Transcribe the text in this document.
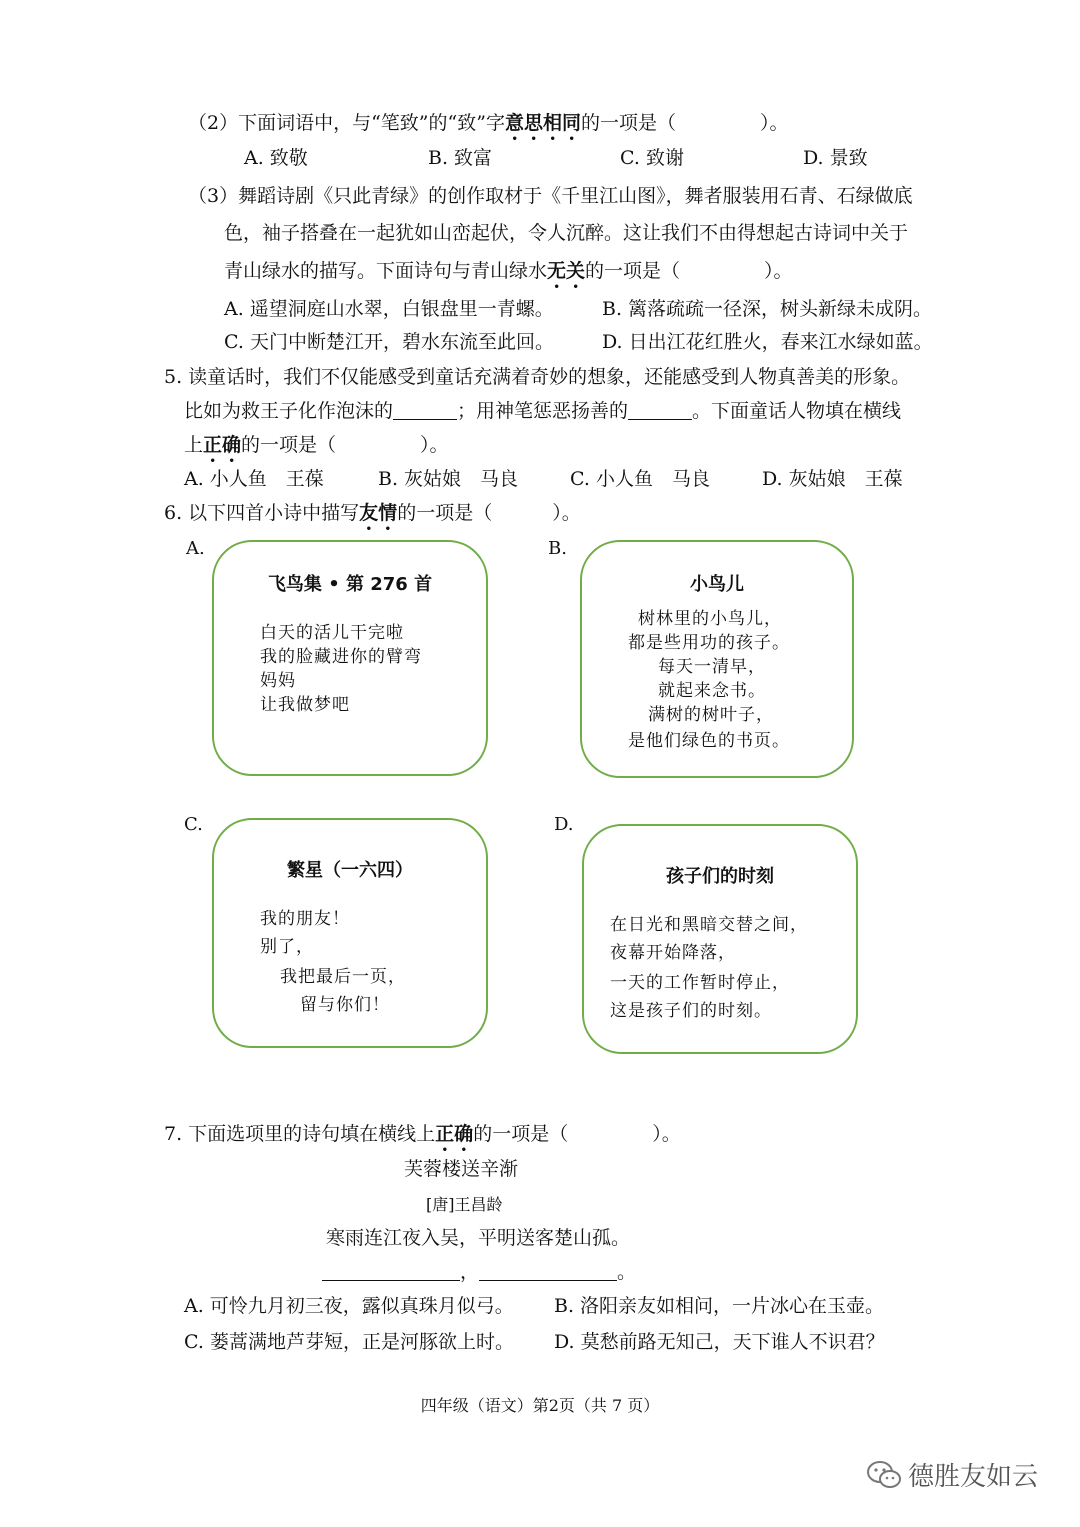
（2）下面词语中，与“笔致”的“致”字意思相同的一项是（	）。
A. 致敬	B. 致富	C. 致谢	D. 景致
（3）舞蹈诗剧《只此青绿》的创作取材于《千里江山图》，舞者服装用石青、石绿做底
色，袖子搭叠在一起犹如山峦起伏，令人沉醉。这让我们不由得想起古诗词中关于
青山绿水的描写。下面诗句与青山绿水无关的一项是（	）。
A. 遥望洞庭山水翠，白银盘里一青螺。	B. 篱落疏疏一径深，树头新绿未成阴。
C. 天门中断楚江开，碧水东流至此回。	D. 日出江花红胜火，春来江水绿如蓝。
5. 读童话时，我们不仅能感受到童话充满着奇妙的想象，还能感受到人物真善美的形象。
比如为救王子化作泡沫的	；用神笔惩恶扬善的	。下面童话人物填在横线
上正确的一项是（	）。
A. 小人鱼　王葆	B. 灰姑娘　马良	C. 小人鱼　马良	D. 灰姑娘　王葆
6. 以下四首小诗中描写友情的一项是（	）。
A.
飞鸟集 • 第 276 首
白天的活儿干完啦
我的脸藏进你的臂弯
妈妈
让我做梦吧
B.
小鸟儿
树林里的小鸟儿，
都是些用功的孩子。
每天一清早，
就起来念书。
满树的树叶子，
是他们绿色的书页。
C.
繁星（一六四）
我的朋友！
别了，
我把最后一页，
留与你们！
D.
孩子们的时刻
在日光和黑暗交替之间，
夜幕开始降落，
一天的工作暂时停止，
这是孩子们的时刻。
7. 下面选项里的诗句填在横线上正确的一项是（	）。
芙蓉楼送辛渐
[唐]王昌龄
寒雨连江夜入吴，平明送客楚山孤。
，	。
A. 可怜九月初三夜，露似真珠月似弓。 B. 洛阳亲友如相问，一片冰心在玉壶。
C. 蒌蒿满地芦芽短，正是河豚欲上时。 D. 莫愁前路无知己，天下谁人不识君？
四年级（语文）第2页（共 7 页）
德胜友如云
